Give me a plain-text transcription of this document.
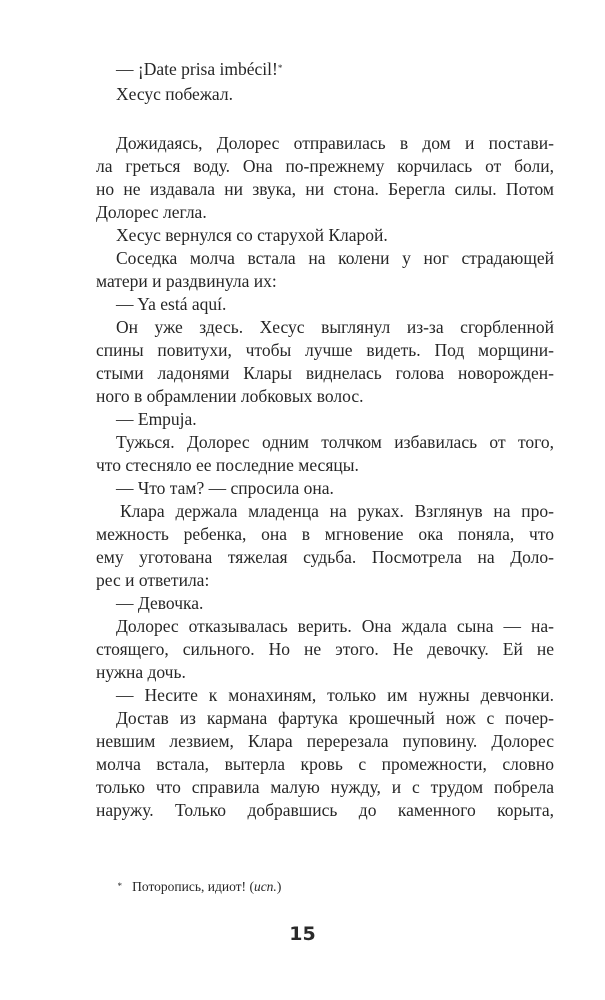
— ¡Date prisa imbécil!*
Хесус побежал.
Дожидаясь, Долорес отправилась в дом и постави-
ла греться воду. Она по-прежнему корчилась от боли,
но не издавала ни звука, ни стона. Берегла силы. Потом
Долорес легла.
Хесус вернулся со старухой Кларой.
Соседка молча встала на колени у ног страдающей
матери и раздвинула их:
— Ya está aquí.
Он уже здесь. Хесус выглянул из-за сгорбленной
спины повитухи, чтобы лучше видеть. Под морщини-
стыми ладонями Клары виднелась голова новорожден-
ного в обрамлении лобковых волос.
— Empuja.
Тужься. Долорес одним толчком избавилась от того,
что стесняло ее последние месяцы.
— Что там? — спросила она.
Клара держала младенца на руках. Взглянув на про-
межность ребенка, она в мгновение ока поняла, что
ему уготована тяжелая судьба. Посмотрела на Доло-
рес и ответила:
— Девочка.
Долорес отказывалась верить. Она ждала сына — на-
стоящего, сильного. Но не этого. Не девочку. Ей не
нужна дочь.
— Несите к монахиням, только им нужны девчонки.
Достав из кармана фартука крошечный нож с почер-
невшим лезвием, Клара перерезала пуповину. Долорес
молча встала, вытерла кровь с промежности, словно
только что справила малую нужду, и с трудом побрела
наружу. Только добравшись до каменного корыта,

* Поторопись, идиот! (исп.)

15
